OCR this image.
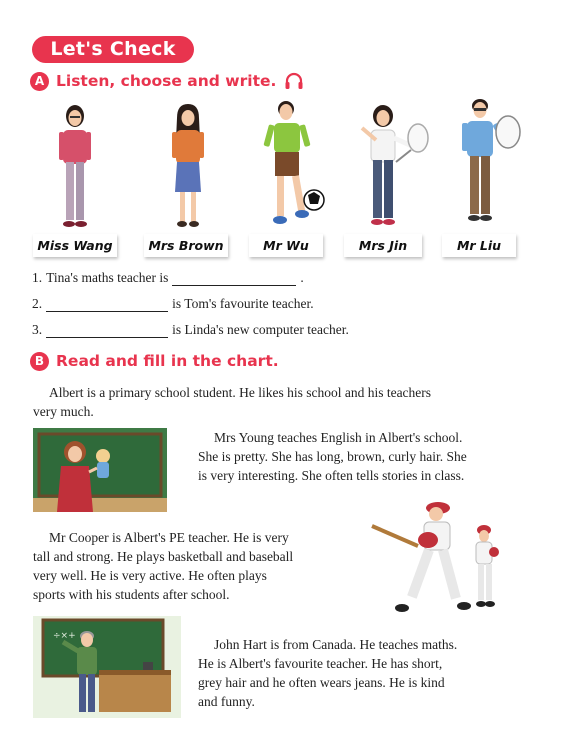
Let's Check
A Listen, choose and write.
Miss Wang	Mrs Brown	Mr Wu	Mrs Jin	Mr Liu
1. Tina's maths teacher is	.
2.	is Tom's favourite teacher.
3.	is Linda's new computer teacher.
B Read and fill in the chart.
Albert is a primary school student. He likes his school and his teachers
very much.
Mrs Young teaches English in Albert's school.
She is pretty. She has long, brown, curly hair. She
is very interesting. She often tells stories in class.
Mr Cooper is Albert's PE teacher. He is very
tall and strong. He plays basketball and baseball
very well. He is very active. He often plays
sports with his students after school.
÷×+
John Hart is from Canada. He teaches maths.
He is Albert's favourite teacher. He has short,
grey hair and he often wears jeans. He is kind
and funny.
